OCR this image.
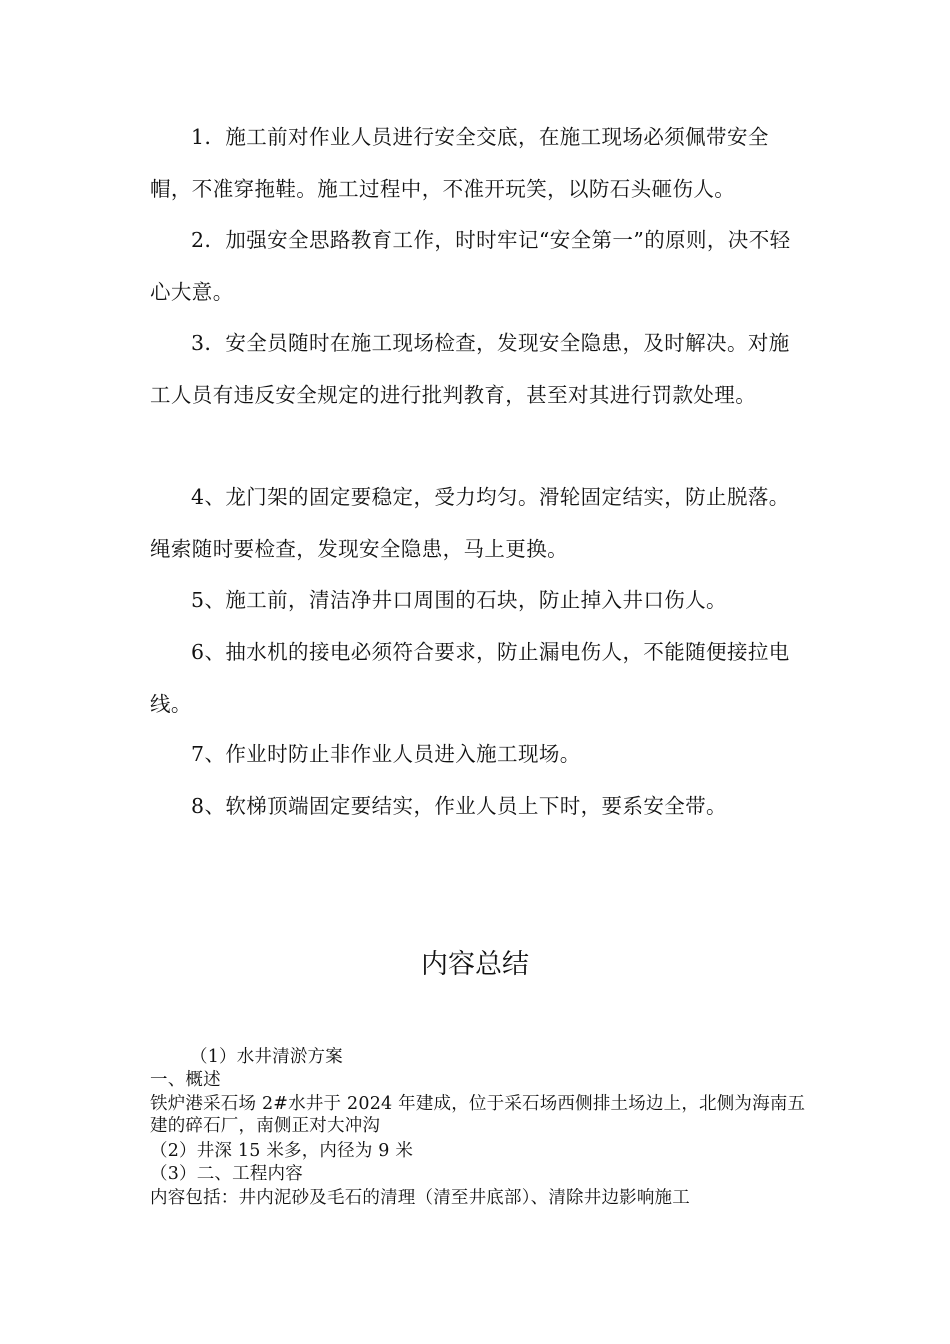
1．施工前对作业人员进行安全交底，在施工现场必须佩带安全帽，不准穿拖鞋。施工过程中，不准开玩笑，以防石头砸伤人。

2．加强安全思路教育工作，时时牢记“安全第一”的原则，决不轻心大意。

3．安全员随时在施工现场检查，发现安全隐患，及时解决。对施工人员有违反安全规定的进行批判教育，甚至对其进行罚款处理。

4、龙门架的固定要稳定，受力均匀。滑轮固定结实，防止脱落。绳索随时要检查，发现安全隐患，马上更换。

5、施工前，清洁净井口周围的石块，防止掉入井口伤人。

6、抽水机的接电必须符合要求，防止漏电伤人，不能随便接拉电线。

7、作业时防止非作业人员进入施工现场。

8、软梯顶端固定要结实，作业人员上下时，要系安全带。

内容总结

（1）水井清淤方案

一、概述

铁炉港采石场 2#水井于 2024 年建成，位于采石场西侧排土场边上，北侧为海南五建的碎石厂，南侧正对大冲沟

（2）井深 15 米多，内径为 9 米

（3）二、工程内容

内容包括：井内泥砂及毛石的清理（清至井底部）、清除井边影响施工
